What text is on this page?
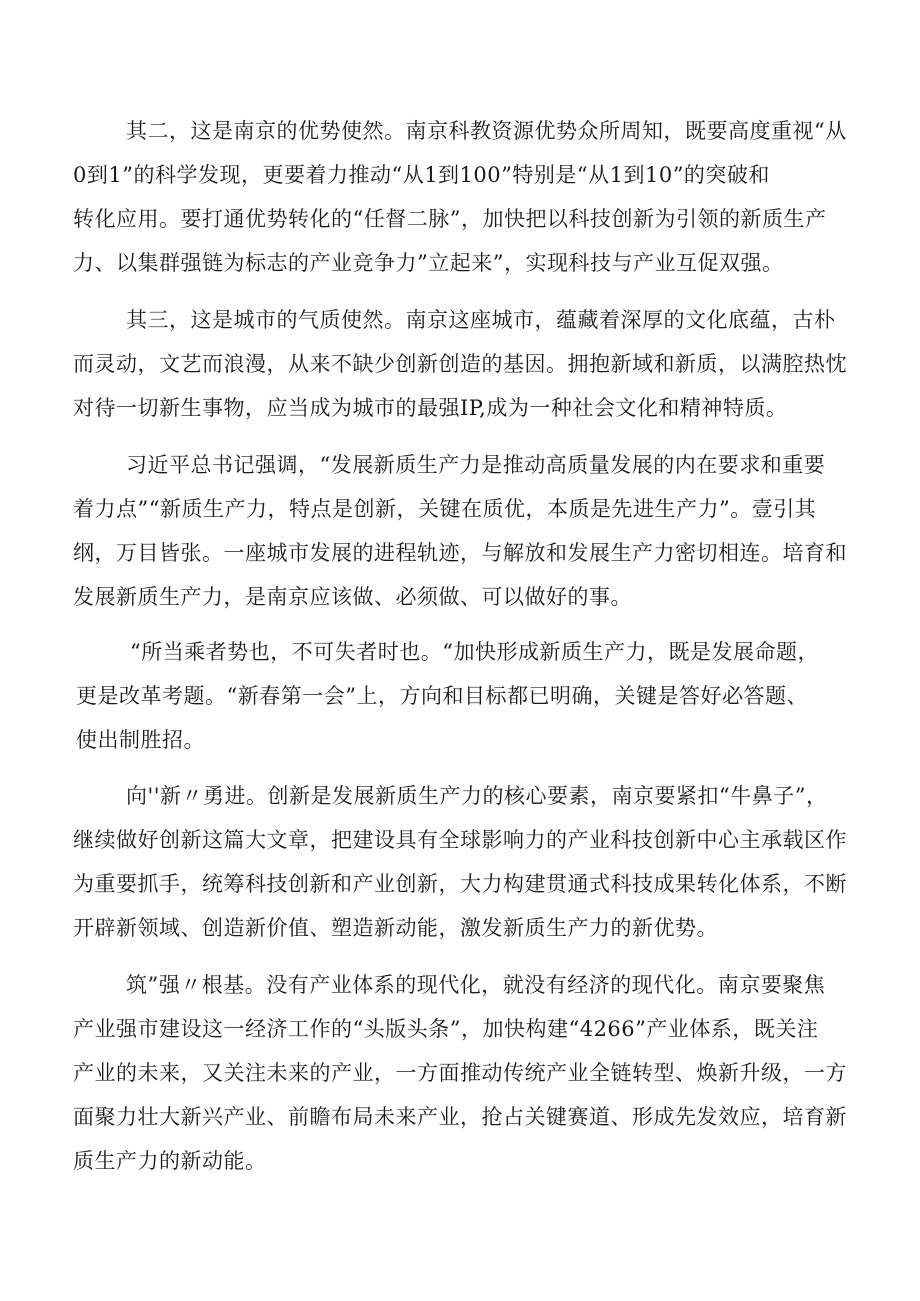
其二，这是南京的优势使然。南京科教资源优势众所周知，既要高度重视“从
0到1”的科学发现，更要着力推动“从1到100”特别是“从1到10”的突破和
转化应用。要打通优势转化的“任督二脉”，加快把以科技创新为引领的新质生产
力、以集群强链为标志的产业竞争力”立起来”，实现科技与产业互促双强。
其三，这是城市的气质使然。南京这座城市，蕴藏着深厚的文化底蕴，古朴
而灵动，文艺而浪漫，从来不缺少创新创造的基因。拥抱新域和新质，以满腔热忱
对待一切新生事物，应当成为城市的最强IP,成为一种社会文化和精神特质。
习近平总书记强调，“发展新质生产力是推动高质量发展的内在要求和重要
着力点”“新质生产力，特点是创新，关键在质优，本质是先进生产力”。壹引其
纲，万目皆张。一座城市发展的进程轨迹，与解放和发展生产力密切相连。培育和
发展新质生产力，是南京应该做、必须做、可以做好的事。
“所当乘者势也，不可失者时也。“加快形成新质生产力，既是发展命题，
更是改革考题。“新春第一会”上，方向和目标都已明确，关键是答好必答题、
使出制胜招。
向''新〃勇进。创新是发展新质生产力的核心要素，南京要紧扣“牛鼻子”，
继续做好创新这篇大文章，把建设具有全球影响力的产业科技创新中心主承载区作
为重要抓手，统筹科技创新和产业创新，大力构建贯通式科技成果转化体系，不断
开辟新领域、创造新价值、塑造新动能，激发新质生产力的新优势。
筑”强〃根基。没有产业体系的现代化，就没有经济的现代化。南京要聚焦
产业强市建设这一经济工作的“头版头条”，加快构建“4266”产业体系，既关注
产业的未来，又关注未来的产业，一方面推动传统产业全链转型、焕新升级，一方
面聚力壮大新兴产业、前瞻布局未来产业，抢占关键赛道、形成先发效应，培育新
质生产力的新动能。
